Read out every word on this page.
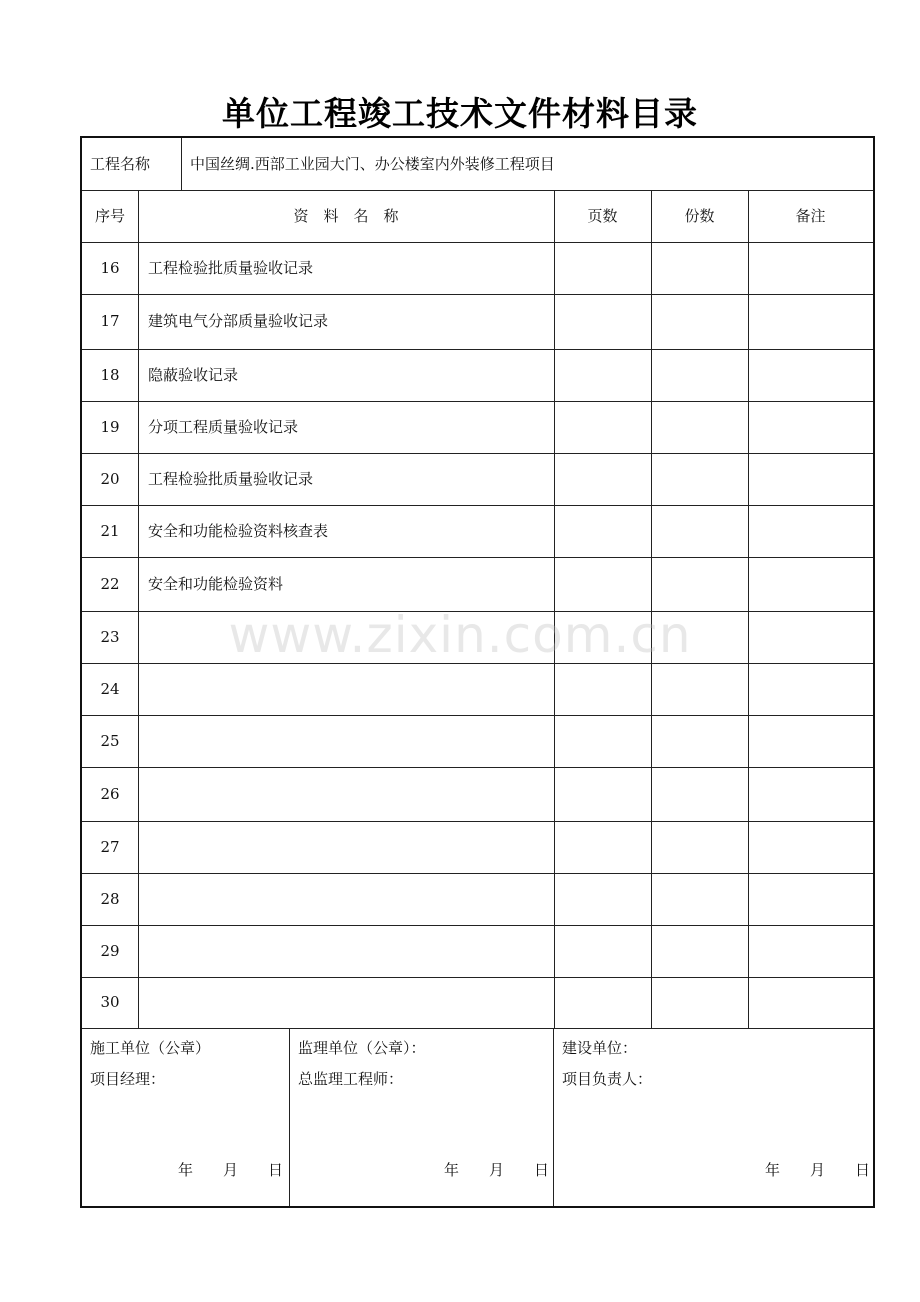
单位工程竣工技术文件材料目录
工程名称	中国丝绸.西部工业园大门、办公楼室内外装修工程项目
序号	资　料　名　称	页数	份数	备注
16	工程检验批质量验收记录
17	建筑电气分部质量验收记录
18	隐蔽验收记录
19	分项工程质量验收记录
20	工程检验批质量验收记录
21	安全和功能检验资料核查表
22	安全和功能检验资料
23
24
25
26
27
28
29
30
施工单位（公章）
项目经理：
年　　月　　日
监理单位（公章）：
总监理工程师：
年　　月　　日
建设单位：
项目负责人：
年　　月　　日
www.zixin.com.cn
